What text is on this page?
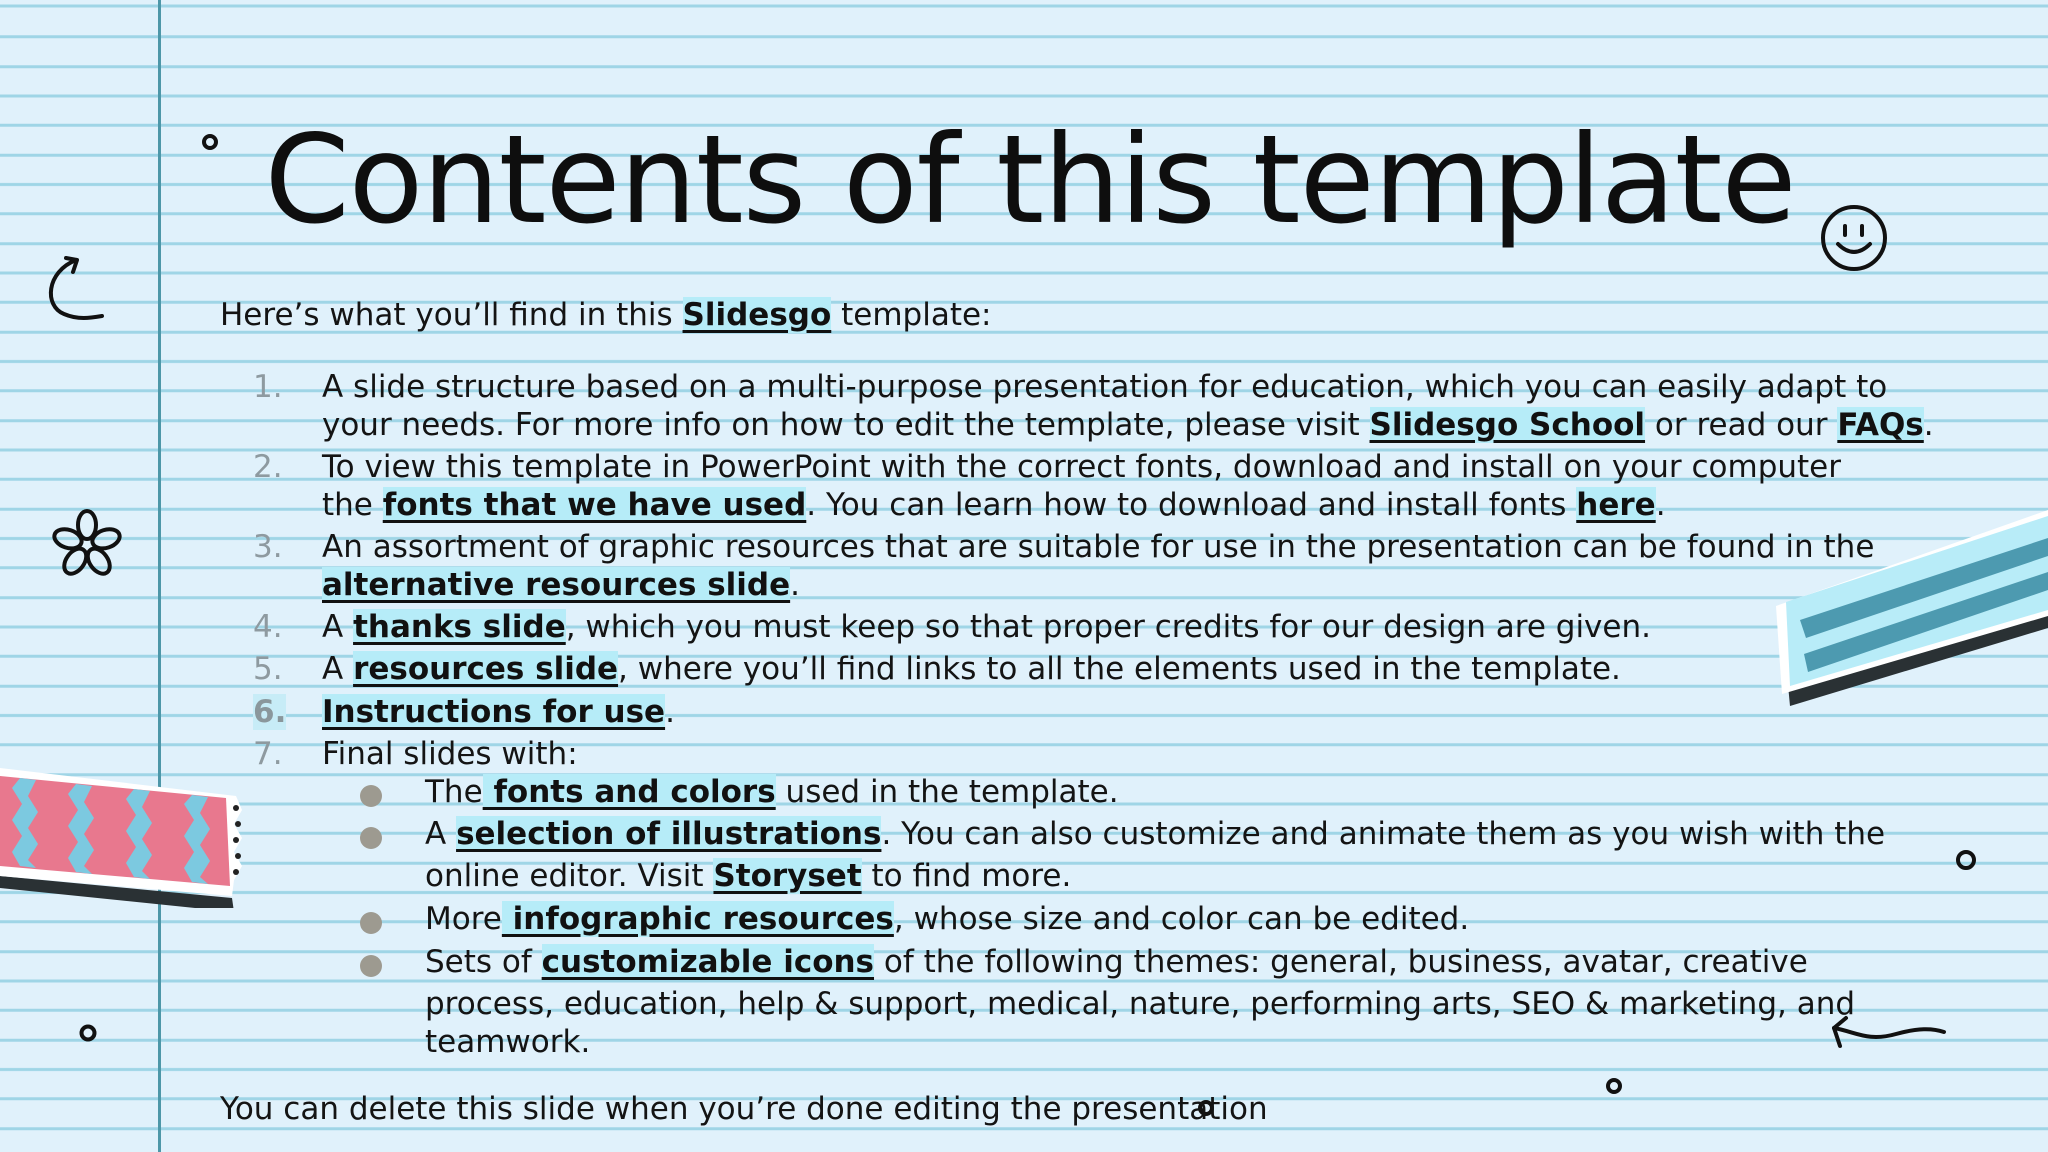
Contents of this template
Here’s what you’ll find in this Slidesgo template:
1.	A slide structure based on a multi-purpose presentation for education, which you can easily adapt to
your needs. For more info on how to edit the template, please visit Slidesgo School or read our FAQs.
2.	To view this template in PowerPoint with the correct fonts, download and install on your computer
the fonts that we have used. You can learn how to download and install fonts here.
3.	An assortment of graphic resources that are suitable for use in the presentation can be found in the
alternative resources slide.
4.	A thanks slide, which you must keep so that proper credits for our design are given.
5.	A resources slide, where you’ll find links to all the elements used in the template.
6.	Instructions for use.
7.	Final slides with:
The fonts and colors used in the template.
A selection of illustrations. You can also customize and animate them as you wish with the
online editor. Visit Storyset to find more.
More infographic resources, whose size and color can be edited.
Sets of customizable icons of the following themes: general, business, avatar, creative
process, education, help & support, medical, nature, performing arts, SEO & marketing, and
teamwork.
You can delete this slide when you’re done editing the presentation
